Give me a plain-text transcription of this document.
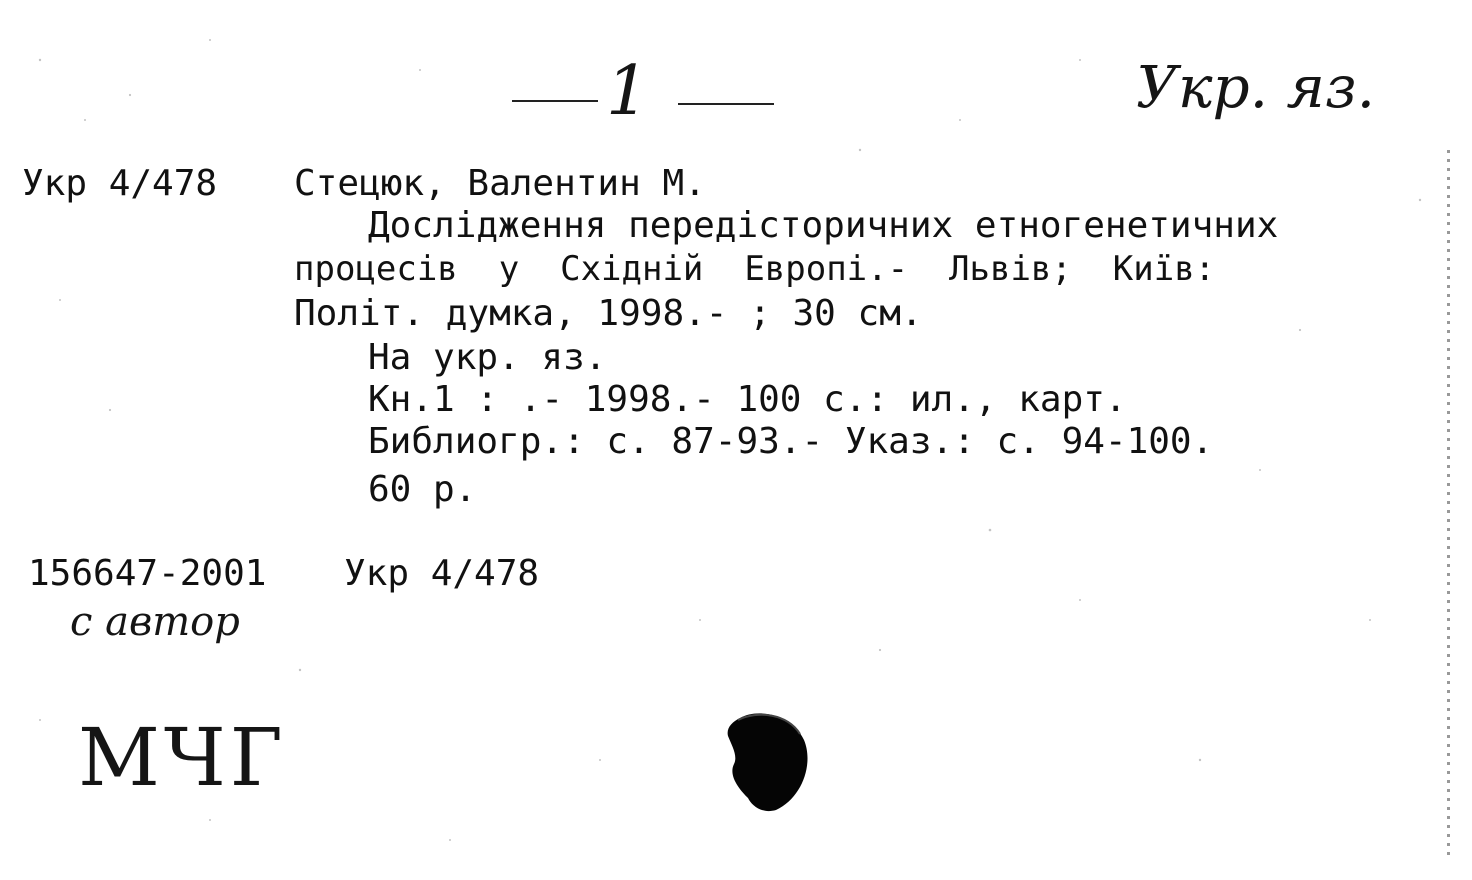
1	Укр. яз.
Укр 4/478 Стецюк, Валентин М.
Дослідження передісторичних етногенетичних
процесів  у  Східній  Европі.-  Львів;  Київ:
Політ. думка, 1998.- ; 30 см.
На укр. яз.
Кн.1 : .- 1998.- 100 с.: ил., карт.
Библиогр.: с. 87-93.- Указ.: с. 94-100.
60 р.
156647-2001 Укр 4/478
с автор
МЧГ
